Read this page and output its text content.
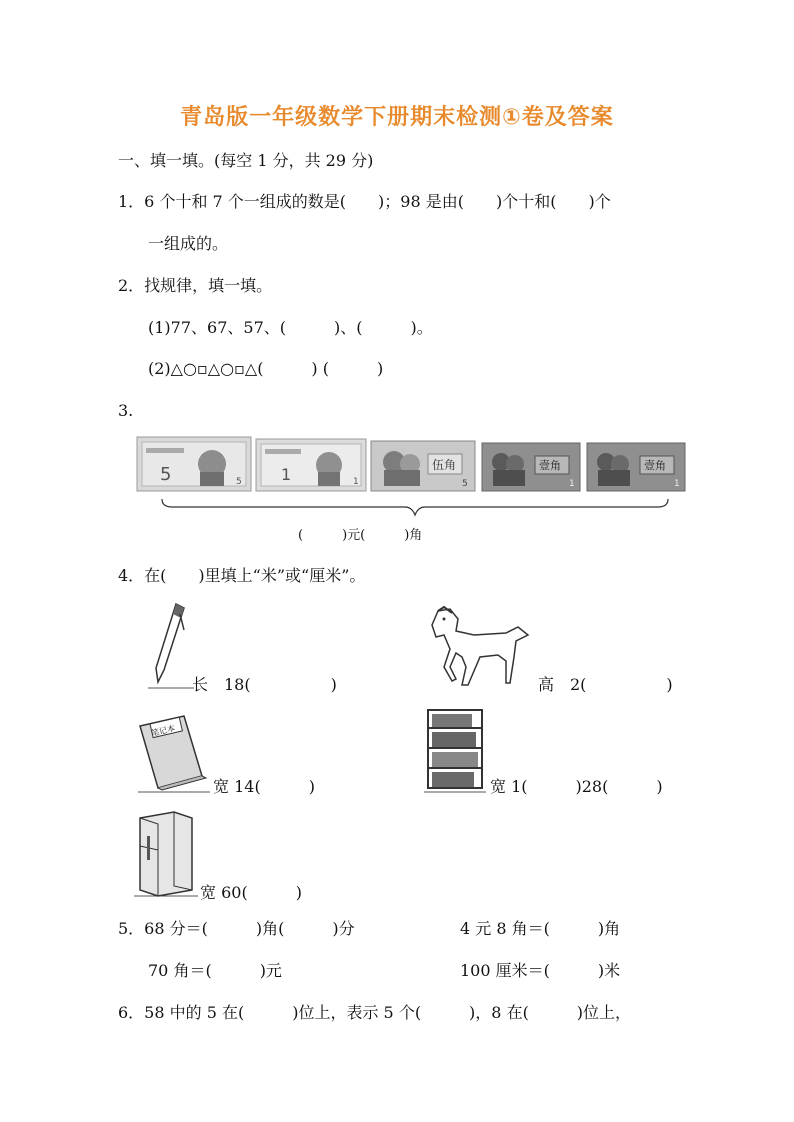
青岛版一年级数学下册期末检测①卷及答案
一、填一填。(每空 1 分，共 29 分)
1．6 个十和 7 个一组成的数是(　　)；98 是由(　　)个十和(　　)个
一组成的。
2．找规律，填一填。
(1)77、67、57、(　　　)、(　　　)。
(2)△○▫△○▫△(　　　) (　　　)
3.
5	5 1	1
伍角
5
壹角
1
壹角
1
(　　　)元(　　　)角
4．在(　　)里填上“米”或“厘米”。
长　18(　　　　　)	高　2(　　　　　)
笔记本
宽 14(　　　)	宽 1(　　　)28(　　　)
宽 60(　　　)
5．68 分＝(　　　)角(　　　)分	4 元 8 角＝(　　　)角
70 角＝(　　　)元	100 厘米＝(　　　)米
6．58 中的 5 在(　　　)位上，表示 5 个(　　　)，8 在(　　　)位上，
